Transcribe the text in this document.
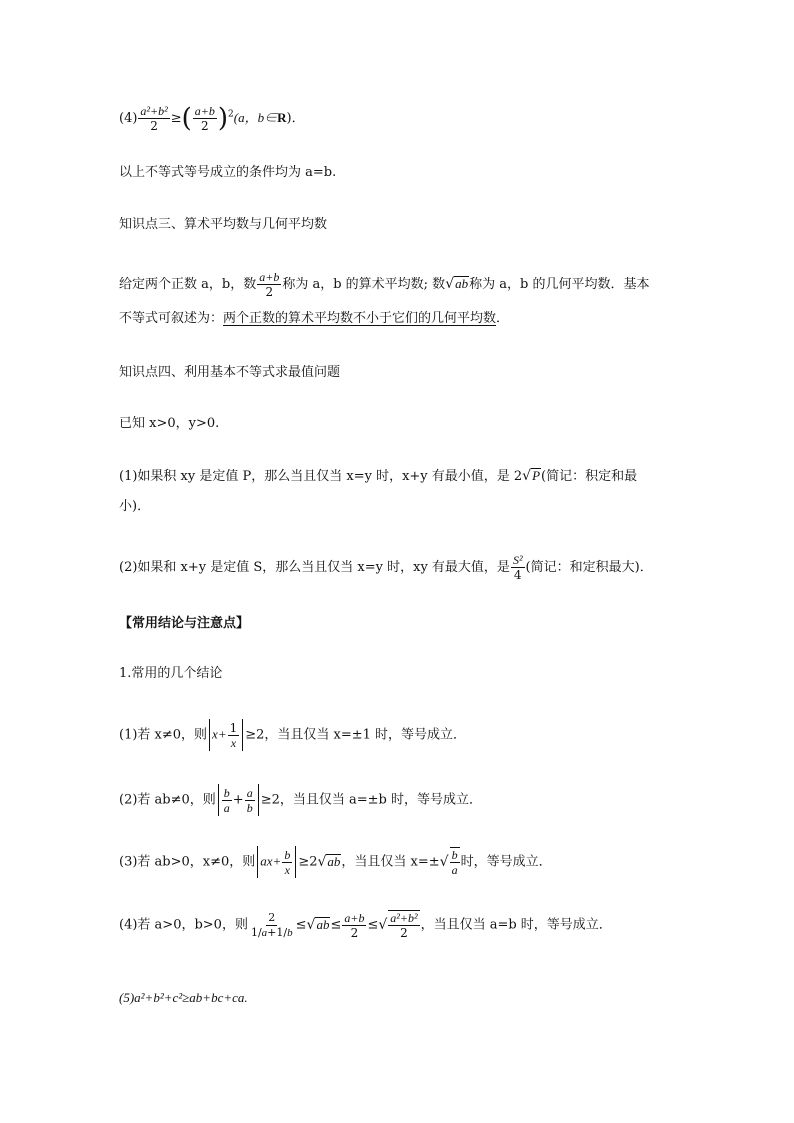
$(4) \frac{\text{a²+b²}}{2}$ ≥( $\frac{a+b}{2} )^2(a$，b∈R)．
以上不等式等号成立的条件均为 a=b.
知识点三、算术平均数与几何平均数
给定两个正数 a，b，数 $\frac{a+b}{2}$ 称为 a，b 的算术平均数; 数√ab称为 a，b 的几何平均数．基本
不等式可叙述为：两个正数的算术平均数不小于它们的几何平均数．
知识点四、利用基本不等式求最值问题
已知 x>0，y>0.
(1)如果积 xy 是定值 P，那么当且仅当 x=y 时，x+y 有最小值，是 2√P(简记：积定和最
小)．
(2)如果和 x+y 是定值 S，那么当且仅当 x=y 时，xy 有最大值，是 $\frac{\text{S²}}{4}$ (简记：和定积最大)．
【常用结论与注意点】
1.常用的几个结论
(1)若 x≠0，则 $x+ \frac{1}{x} \ge 2$，当且仅当 x=±1 时，等号成立．
(2)若 ab≠0，则 $\frac{b}{a} + \frac{a}{b} \ge 2$，当且仅当 a=±b 时，等号成立．
(3)若 ab>0，x≠0，则 $ax+ \frac{b}{x} \ge 2√ab$，当且仅当 $x=\pm√ \frac{b}{a}$ 时，等号成立．
(4)若 a>0，b>0，则 $\frac{2}{1/a+1/b} \le√ab\le \frac{a+b}{2}$ ≤√ $\frac{\text{a²+b²}}{2}$ ，当且仅当 a=b 时，等号成立．
(5)a²+b²+c²≥ab+bc+ca.
